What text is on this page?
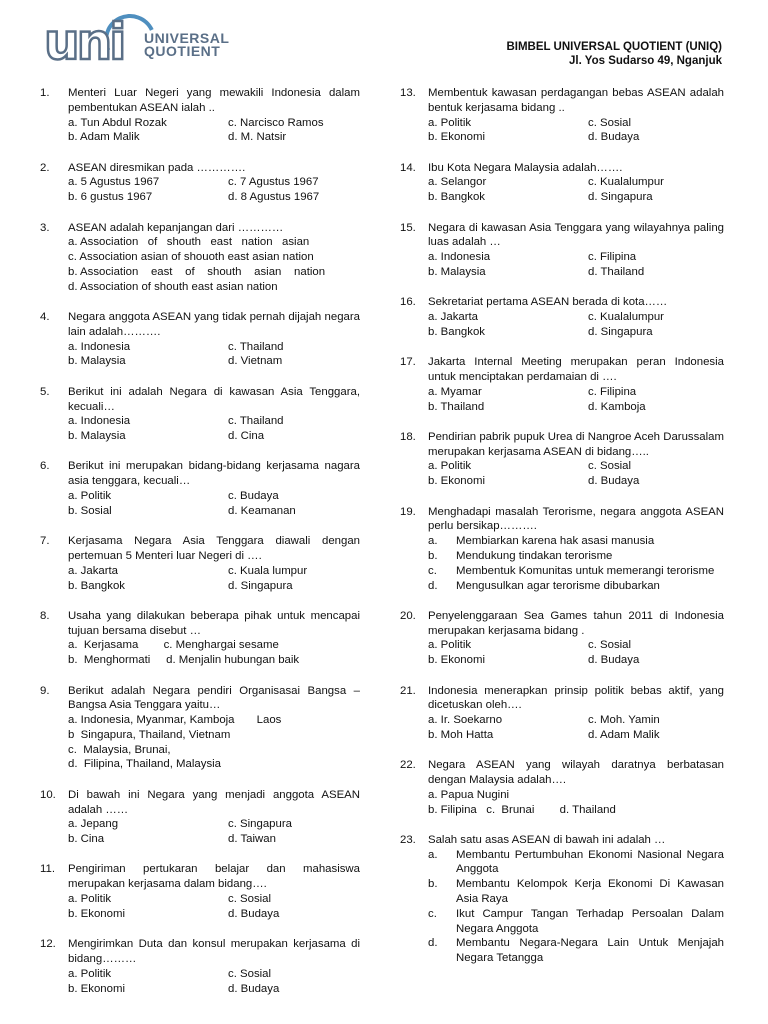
uni UNIVERSAL
QUOTIENT	BIMBEL UNIVERSAL QUOTIENT (UNIQ)
Jl. Yos Sudarso 49, Nganjuk
1.	Menteri Luar Negeri yang mewakili Indonesia dalam pembentukan ASEAN ialah ..
a. Tun Abdul Rozak	c. Narcisco Ramos
b. Adam Malik	d. M. Natsir
2.	ASEAN diresmikan pada ………….
a. 5 Agustus 1967	c. 7 Agustus 1967
b. 6 gustus 1967	d. 8 Agustus 1967
3.	ASEAN adalah kepanjangan dari …………
a. Association   of   shouth   east   nation   asian
c. Association asian of shouoth east asian nation
b. Association    east    of    shouth    asian    nation
d. Association of shouth east asian nation
4.	Negara anggota ASEAN yang tidak pernah dijajah negara lain adalah……….
a. Indonesia	c. Thailand
b. Malaysia	d. Vietnam
5.	Berikut ini adalah Negara di kawasan Asia Tenggara, kecuali…
a. Indonesia	c. Thailand
b. Malaysia	d. Cina
6.	Berikut ini merupakan bidang-bidang kerjasama nagara asia tenggara, kecuali…
a. Politik	c. Budaya
b. Sosial	d. Keamanan
7.	Kerjasama Negara Asia Tenggara diawali dengan pertemuan 5 Menteri luar Negeri di ….
a. Jakarta	c. Kuala lumpur
b. Bangkok	d. Singapura
8.	Usaha yang dilakukan beberapa pihak untuk mencapai tujuan bersama disebut …
a.  Kerjasama        c. Menghargai sesame
b.  Menghormati     d. Menjalin hubungan baik
9.	Berikut adalah Negara pendiri Organisasai Bangsa – Bangsa Asia Tenggara yaitu…
a. Indonesia, Myanmar, Kamboja       Laos
b  Singapura, Thailand, Vietnam
c.  Malaysia, Brunai,
d.  Filipina, Thailand, Malaysia
10.	Di bawah ini Negara yang menjadi anggota ASEAN adalah ……
a. Jepang	c. Singapura
b. Cina	d. Taiwan
11.	Pengiriman pertukaran belajar dan mahasiswa merupakan kerjasama dalam bidang….
a. Politik	c. Sosial
b. Ekonomi	d. Budaya
12.	Mengirimkan Duta dan konsul merupakan kerjasama di bidang………
a. Politik	c. Sosial
b. Ekonomi	d. Budaya
13.	Membentuk kawasan perdagangan bebas ASEAN adalah bentuk kerjasama bidang ..
a. Politik	c. Sosial
b. Ekonomi	d. Budaya
14.	Ibu Kota Negara Malaysia adalah…….
a. Selangor	c. Kualalumpur
b. Bangkok	d. Singapura
15.	Negara di kawasan Asia Tenggara yang wilayahnya paling luas adalah …
a. Indonesia	c. Filipina
b. Malaysia	d. Thailand
16.	Sekretariat pertama ASEAN berada di kota……
a. Jakarta	c. Kualalumpur
b. Bangkok	d. Singapura
17.	Jakarta Internal Meeting merupakan peran Indonesia untuk menciptakan perdamaian di ….
a. Myamar	c. Filipina
b. Thailand	d. Kamboja
18.	Pendirian pabrik pupuk Urea di Nangroe Aceh Darussalam merupakan kerjasama ASEAN di bidang…..
a. Politik	c. Sosial
b. Ekonomi	d. Budaya
19.	Menghadapi masalah Terorisme, negara anggota ASEAN perlu bersikap……….
a.	Membiarkan karena hak asasi manusia
b.	Mendukung tindakan terorisme
c.	Membentuk Komunitas untuk memerangi terorisme
d.	Mengusulkan agar terorisme dibubarkan
20.	Penyelenggaraan Sea Games tahun 2011 di Indonesia merupakan kerjasama bidang .
a. Politik	c. Sosial
b. Ekonomi	d. Budaya
21.	Indonesia menerapkan prinsip politik bebas aktif, yang dicetuskan oleh….
a. Ir. Soekarno	c. Moh. Yamin
b. Moh Hatta	d. Adam Malik
22.	Negara ASEAN yang wilayah daratnya berbatasan dengan Malaysia adalah….
a. Papua Nugini
b. Filipina   c.  Brunai        d. Thailand
23.	Salah satu asas ASEAN di bawah ini adalah …
a.	Membantu Pertumbuhan Ekonomi Nasional Negara Anggota
b.	Membantu Kelompok Kerja Ekonomi Di Kawasan Asia Raya
c.	Ikut Campur Tangan Terhadap Persoalan Dalam Negara Anggota
d.	Membantu Negara-Negara Lain Untuk Menjajah Negara Tetangga
